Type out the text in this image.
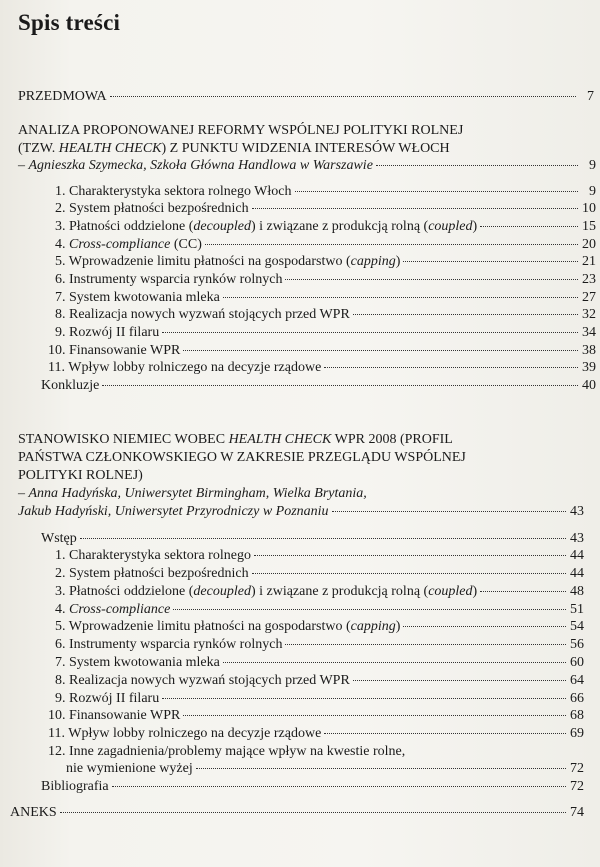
Spis treści
PRZEDMOWA	7
ANALIZA PROPONOWANEJ REFORMY WSPÓLNEJ POLITYKI ROLNEJ
(TZW. HEALTH CHECK) Z PUNKTU WIDZENIA INTERESÓW WŁOCH
– Agnieszka Szymecka, Szkoła Główna Handlowa w Warszawie	9
1. Charakterystyka sektora rolnego Włoch	9
2. System płatności bezpośrednich	10
3. Płatności oddzielone (decoupled) i związane z produkcją rolną (coupled)	15
4. Cross-compliance (CC)	20
5. Wprowadzenie limitu płatności na gospodarstwo (capping)	21
6. Instrumenty wsparcia rynków rolnych	23
7. System kwotowania mleka	27
8. Realizacja nowych wyzwań stojących przed WPR	32
9. Rozwój II filaru	34
10. Finansowanie WPR	38
11. Wpływ lobby rolniczego na decyzje rządowe	39
Konkluzje	40
STANOWISKO NIEMIEC WOBEC HEALTH CHECK WPR 2008 (PROFIL
PAŃSTWA CZŁONKOWSKIEGO W ZAKRESIE PRZEGLĄDU WSPÓLNEJ
POLITYKI ROLNEJ)
– Anna Hadyńska, Uniwersytet Birmingham, Wielka Brytania,
Jakub Hadyński, Uniwersytet Przyrodniczy w Poznaniu	43
Wstęp	43
1. Charakterystyka sektora rolnego	44
2. System płatności bezpośrednich	44
3. Płatności oddzielone (decoupled) i związane z produkcją rolną (coupled)	48
4. Cross-compliance	51
5. Wprowadzenie limitu płatności na gospodarstwo (capping)	54
6. Instrumenty wsparcia rynków rolnych	56
7. System kwotowania mleka	60
8. Realizacja nowych wyzwań stojących przed WPR	64
9. Rozwój II filaru	66
10. Finansowanie WPR	68
11. Wpływ lobby rolniczego na decyzje rządowe	69
12. Inne zagadnienia/problemy mające wpływ na kwestie rolne,
nie wymienione wyżej	72
Bibliografia	72
ANEKS	74
